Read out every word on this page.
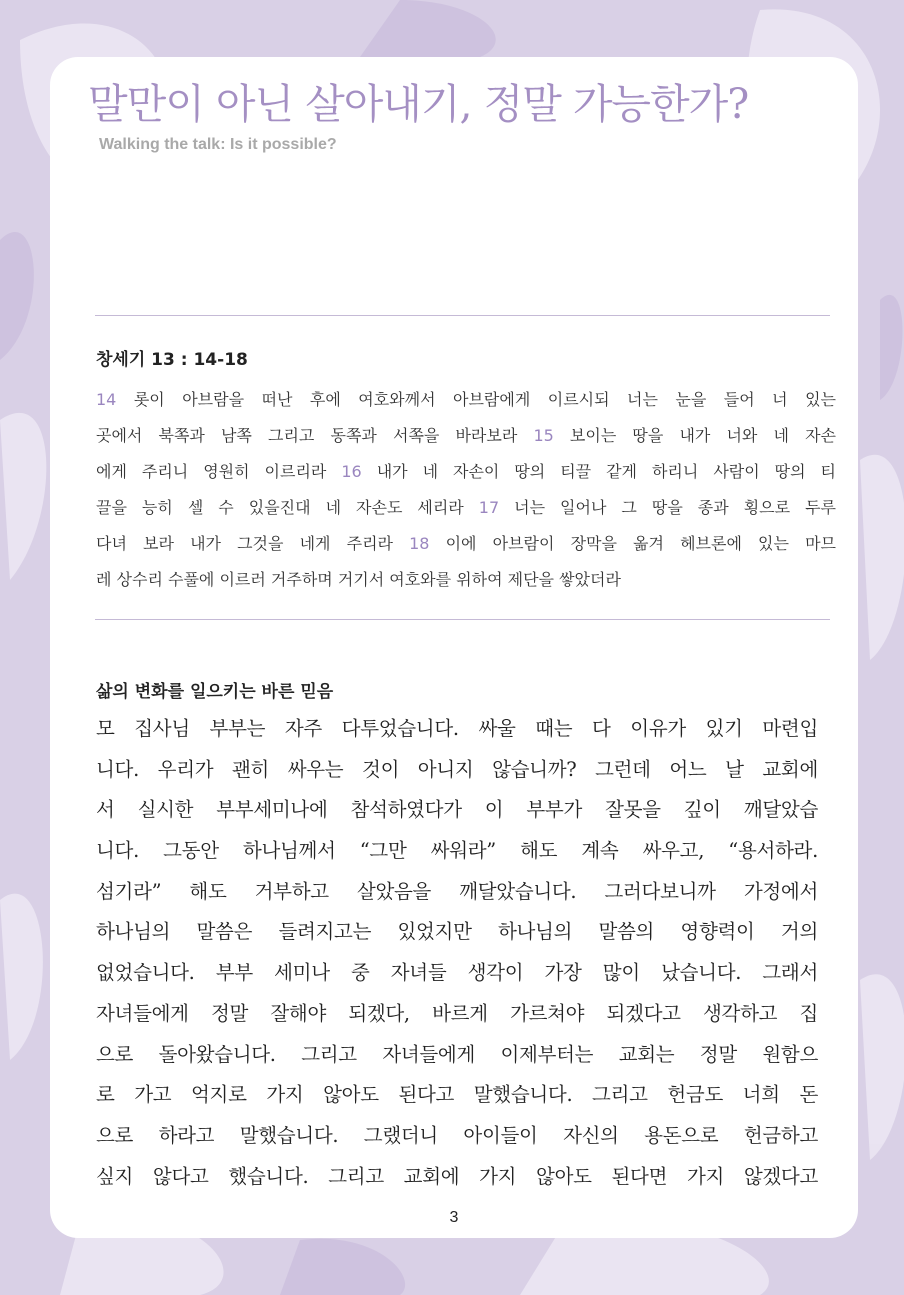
말만이 아닌 살아내기, 정말 가능한가?
Walking the talk: Is it possible?
창세기 13 : 14-18
14 롯이 아브람을 떠난 후에 여호와께서 아브람에게 이르시되 너는 눈을 들어 너 있는
곳에서 북쪽과 남쪽 그리고 동쪽과 서쪽을 바라보라 15 보이는 땅을 내가 너와 네 자손
에게 주리니 영원히 이르리라 16 내가 네 자손이 땅의 티끌 같게 하리니 사람이 땅의 티
끌을 능히 셀 수 있을진대 네 자손도 세리라 17 너는 일어나 그 땅을 종과 횡으로 두루
다녀 보라 내가 그것을 네게 주리라 18 이에 아브람이 장막을 옮겨 헤브론에 있는 마므
레 상수리 수풀에 이르러 거주하며 거기서 여호와를 위하여 제단을 쌓았더라
삶의 변화를 일으키는 바른 믿음
모 집사님 부부는 자주 다투었습니다. 싸울 때는 다 이유가 있기 마련입
니다. 우리가 괜히 싸우는 것이 아니지 않습니까? 그런데 어느 날 교회에
서 실시한 부부세미나에 참석하였다가 이 부부가 잘못을 깊이 깨달았습
니다. 그동안 하나님께서 “그만 싸워라” 해도 계속 싸우고, “용서하라.
섬기라” 해도 거부하고 살았음을 깨달았습니다. 그러다보니까 가정에서
하나님의 말씀은 들려지고는 있었지만 하나님의 말씀의 영향력이 거의
없었습니다. 부부 세미나 중 자녀들 생각이 가장 많이 났습니다. 그래서
자녀들에게 정말 잘해야 되겠다, 바르게 가르쳐야 되겠다고 생각하고 집
으로 돌아왔습니다. 그리고 자녀들에게 이제부터는 교회는 정말 원함으
로 가고 억지로 가지 않아도 된다고 말했습니다. 그리고 헌금도 너희 돈
으로 하라고 말했습니다. 그랬더니 아이들이 자신의 용돈으로 헌금하고
싶지 않다고 했습니다. 그리고 교회에 가지 않아도 된다면 가지 않겠다고
3
